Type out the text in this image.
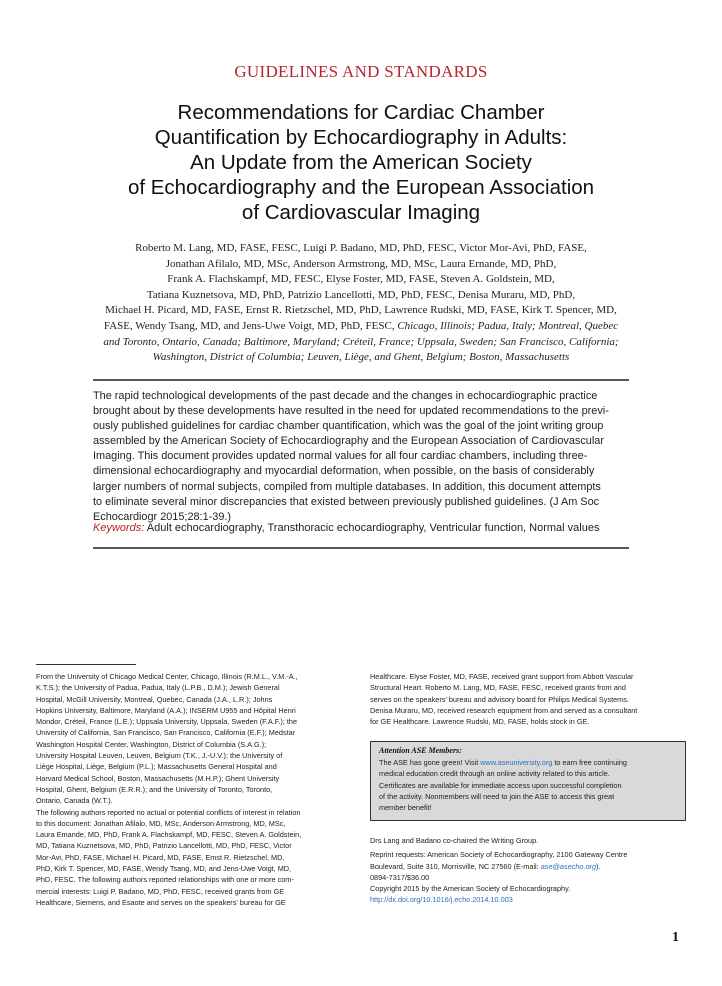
GUIDELINES AND STANDARDS
Recommendations for Cardiac Chamber
Quantification by Echocardiography in Adults:
An Update from the American Society
of Echocardiography and the European Association
of Cardiovascular Imaging
Roberto M. Lang, MD, FASE, FESC, Luigi P. Badano, MD, PhD, FESC, Victor Mor-Avi, PhD, FASE,
Jonathan Afilalo, MD, MSc, Anderson Armstrong, MD, MSc, Laura Ernande, MD, PhD,
Frank A. Flachskampf, MD, FESC, Elyse Foster, MD, FASE, Steven A. Goldstein, MD,
Tatiana Kuznetsova, MD, PhD, Patrizio Lancellotti, MD, PhD, FESC, Denisa Muraru, MD, PhD,
Michael H. Picard, MD, FASE, Ernst R. Rietzschel, MD, PhD, Lawrence Rudski, MD, FASE, Kirk T. Spencer, MD,
FASE, Wendy Tsang, MD, and Jens-Uwe Voigt, MD, PhD, FESC, Chicago, Illinois; Padua, Italy; Montreal, Quebec
and Toronto, Ontario, Canada; Baltimore, Maryland; Créteil, France; Uppsala, Sweden; San Francisco, California;
Washington, District of Columbia; Leuven, Liège, and Ghent, Belgium; Boston, Massachusetts
The rapid technological developments of the past decade and the changes in echocardiographic practice
brought about by these developments have resulted in the need for updated recommendations to the previ-
ously published guidelines for cardiac chamber quantification, which was the goal of the joint writing group
assembled by the American Society of Echocardiography and the European Association of Cardiovascular
Imaging. This document provides updated normal values for all four cardiac chambers, including three-
dimensional echocardiography and myocardial deformation, when possible, on the basis of considerably
larger numbers of normal subjects, compiled from multiple databases. In addition, this document attempts
to eliminate several minor discrepancies that existed between previously published guidelines. (J Am Soc
Echocardiogr 2015;28:1-39.)
Keywords: Adult echocardiography, Transthoracic echocardiography, Ventricular function, Normal values
From the University of Chicago Medical Center, Chicago, Illinois (R.M.L., V.M.-A.,
K.T.S.); the University of Padua, Padua, Italy (L.P.B., D.M.); Jewish General
Hospital, McGill University, Montreal, Quebec, Canada (J.A., L.R.); Johns
Hopkins University, Baltimore, Maryland (A.A.); INSERM U955 and Hôpital Henri
Mondor, Créteil, France (L.E.); Uppsala University, Uppsala, Sweden (F.A.F.); the
University of California, San Francisco, San Francisco, California (E.F.); Medstar
Washington Hospital Center, Washington, District of Columbia (S.A.G.);
University Hospital Leuven, Leuven, Belgium (T.K., J.-U.V.); the University of
Liège Hospital, Liège, Belgium (P.L.); Massachusetts General Hospital and
Harvard Medical School, Boston, Massachusetts (M.H.P.); Ghent University
Hospital, Ghent, Belgium (E.R.R.); and the University of Toronto, Toronto,
Ontario, Canada (W.T.).
The following authors reported no actual or potential conflicts of interest in relation
to this document: Jonathan Afilalo, MD, MSc, Anderson Armstrong, MD, MSc,
Laura Emande, MD, PhD, Frank A. Flachskampf, MD, FESC, Steven A. Goldstein,
MD, Tatiana Kuznetsova, MD, PhD, Patrizio Lancellotti, MD, PhD, FESC, Victor
Mor-Avi, PhD, FASE, Michael H. Picard, MD, FASE, Emst R. Rietzschel, MD,
PhD, Kirk T. Spencer, MD, FASE, Wendy Tsang, MD, and Jens-Uwe Voigt, MD,
PhD, FESC. The following authors reported relationships with one or more com-
mercial interests: Luigi P. Badano, MD, PhD, FESC, received grants from GE
Healthcare, Siemens, and Esaote and serves on the speakers' bureau for GE
Healthcare. Elyse Foster, MD, FASE, received grant support from Abbott Vascular
Structural Heart. Roberto M. Lang, MD, FASE, FESC, received grants from and
serves on the speakers' bureau and advisory board for Philips Medical Systems.
Denisa Muraru, MD, received research equipment from and served as a consultant
for GE Healthcare. Lawrence Rudski, MD, FASE, holds stock in GE.
Attention ASE Members:
The ASE has gone green! Visit www.aseuniversity.org to earn free continuing
medical education credit through an online activity related to this article.
Certificates are available for immediate access upon successful completion
of the activity. Nonmembers will need to join the ASE to access this great
member benefit!
Drs Lang and Badano co-chaired the Writing Group.
Reprint requests: American Society of Echocardiography, 2100 Gateway Centre
Boulevard, Suite 310, Morrisville, NC 27560 (E-mail: ase@asecho.org).
0894-7317/$36.00
Copyright 2015 by the American Society of Echocardiography.
http://dx.doi.org/10.1016/j.echo.2014.10.003
1
